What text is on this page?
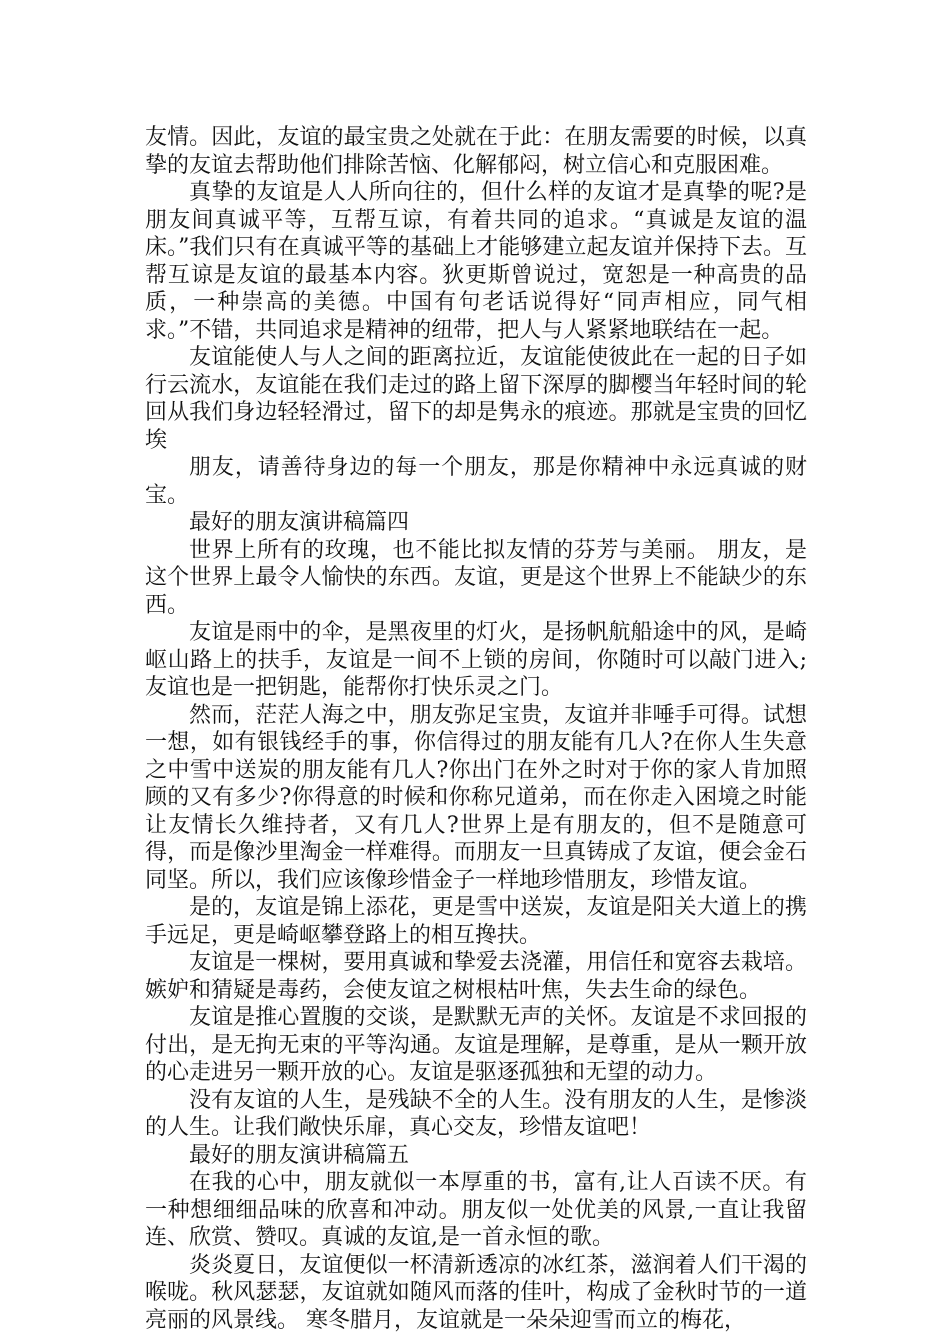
友情。因此，友谊的最宝贵之处就在于此：在朋友需要的时候，以真挚的友谊去帮助他们排除苦恼、化解郁闷，树立信心和克服困难。

真挚的友谊是人人所向往的，但什么样的友谊才是真挚的呢?是朋友间真诚平等，互帮互谅，有着共同的追求。“真诚是友谊的温床。”我们只有在真诚平等的基础上才能够建立起友谊并保持下去。互帮互谅是友谊的最基本内容。狄更斯曾说过，宽恕是一种高贵的品质，一种崇高的美德。中国有句老话说得好“同声相应，同气相求。”不错，共同追求是精神的纽带，把人与人紧紧地联结在一起。

友谊能使人与人之间的距离拉近，友谊能使彼此在一起的日子如行云流水，友谊能在我们走过的路上留下深厚的脚樱当年轻时间的轮回从我们身边轻轻滑过，留下的却是隽永的痕迹。那就是宝贵的回忆埃

朋友，请善待身边的每一个朋友，那是你精神中永远真诚的财宝。

最好的朋友演讲稿篇四

世界上所有的玫瑰，也不能比拟友情的芬芳与美丽。 朋友，是这个世界上最令人愉快的东西。友谊，更是这个世界上不能缺少的东西。

友谊是雨中的伞，是黑夜里的灯火，是扬帆航船途中的风，是崎岖山路上的扶手，友谊是一间不上锁的房间，你随时可以敲门进入;友谊也是一把钥匙，能帮你打快乐灵之门。

然而，茫茫人海之中，朋友弥足宝贵，友谊并非唾手可得。试想一想，如有银钱经手的事，你信得过的朋友能有几人?在你人生失意之中雪中送炭的朋友能有几人?你出门在外之时对于你的家人肯加照顾的又有多少?你得意的时候和你称兄道弟，而在你走入困境之时能让友情长久维持者，又有几人?世界上是有朋友的，但不是随意可得，而是像沙里淘金一样难得。而朋友一旦真铸成了友谊，便会金石同坚。所以，我们应该像珍惜金子一样地珍惜朋友，珍惜友谊。

是的，友谊是锦上添花，更是雪中送炭，友谊是阳关大道上的携手远足，更是崎岖攀登路上的相互搀扶。

友谊是一棵树，要用真诚和挚爱去浇灌，用信任和宽容去栽培。嫉妒和猜疑是毒药，会使友谊之树根枯叶焦，失去生命的绿色。

友谊是推心置腹的交谈，是默默无声的关怀。友谊是不求回报的付出，是无拘无束的平等沟通。友谊是理解，是尊重，是从一颗开放的心走进另一颗开放的心。友谊是驱逐孤独和无望的动力。

没有友谊的人生，是残缺不全的人生。没有朋友的人生，是惨淡的人生。让我们敞快乐扉，真心交友，珍惜友谊吧！

最好的朋友演讲稿篇五

在我的心中，朋友就似一本厚重的书，富有,让人百读不厌。有一种想细细品味的欣喜和冲动。朋友似一处优美的风景,一直让我留连、欣赏、赞叹。真诚的友谊,是一首永恒的歌。

炎炎夏日，友谊便似一杯清新透凉的冰红茶，滋润着人们干渴的喉咙。秋风瑟瑟，友谊就如随风而落的佳叶，构成了金秋时节的一道亮丽的风景线。 寒冬腊月，友谊就是一朵朵迎雪而立的梅花，
